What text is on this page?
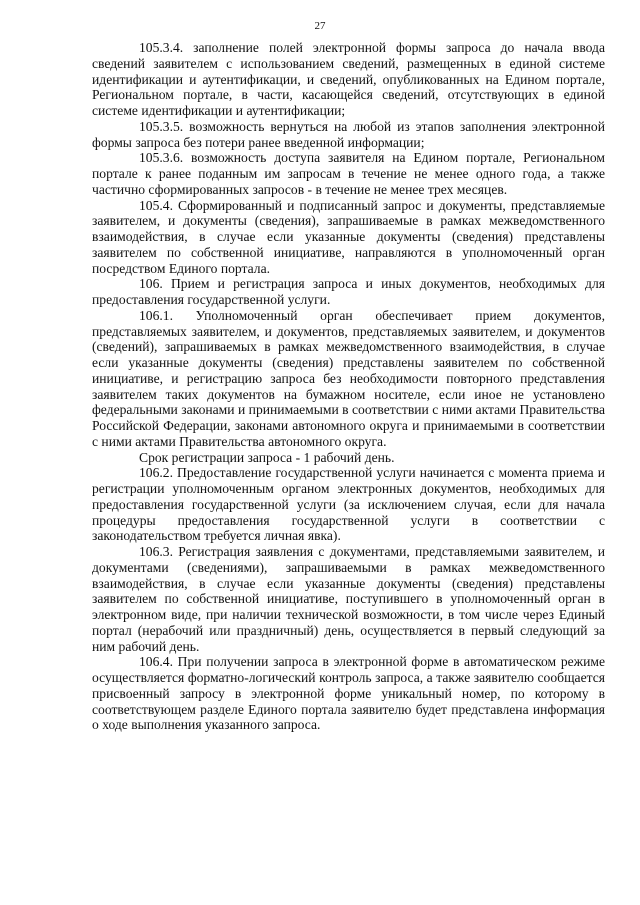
27

105.3.4. заполнение полей электронной формы запроса до начала ввода сведений заявителем с использованием сведений, размещенных в единой системе идентификации и аутентификации, и сведений, опубликованных на Едином портале, Региональном портале, в части, касающейся сведений, отсутствующих в единой системе идентификации и аутентификации;

105.3.5. возможность вернуться на любой из этапов заполнения электронной формы запроса без потери ранее введенной информации;

105.3.6. возможность доступа заявителя на Едином портале, Региональном портале к ранее поданным им запросам в течение не менее одного года, а также частично сформированных запросов - в течение не менее трех месяцев.

105.4. Сформированный и подписанный запрос и документы, представляемые заявителем, и документы (сведения), запрашиваемые в рамках межведомственного взаимодействия, в случае если указанные документы (сведения) представлены заявителем по собственной инициативе, направляются в уполномоченный орган посредством Единого портала.

106. Прием и регистрация запроса и иных документов, необходимых для предоставления государственной услуги.

106.1. Уполномоченный орган обеспечивает прием документов, представляемых заявителем, и документов, представляемых заявителем, и документов (сведений), запрашиваемых в рамках межведомственного взаимодействия, в случае если указанные документы (сведения) представлены заявителем по собственной инициативе, и регистрацию запроса без необходимости повторного представления заявителем таких документов на бумажном носителе, если иное не установлено федеральными законами и принимаемыми в соответствии с ними актами Правительства Российской Федерации, законами автономного округа и принимаемыми в соответствии с ними актами Правительства автономного округа.

Срок регистрации запроса - 1 рабочий день.

106.2. Предоставление государственной услуги начинается с момента приема и регистрации уполномоченным органом электронных документов, необходимых для предоставления государственной услуги (за исключением случая, если для начала процедуры предоставления государственной услуги в соответствии с законодательством требуется личная явка).

106.3. Регистрация заявления с документами, представляемыми заявителем, и документами (сведениями), запрашиваемыми в рамках межведомственного взаимодействия, в случае если указанные документы (сведения) представлены заявителем по собственной инициативе, поступившего в уполномоченный орган в электронном виде, при наличии технической возможности, в том числе через Единый портал (нерабочий или праздничный) день, осуществляется в первый следующий за ним рабочий день.

106.4. При получении запроса в электронной форме в автоматическом режиме осуществляется форматно-логический контроль запроса, а также заявителю сообщается присвоенный запросу в электронной форме уникальный номер, по которому в соответствующем разделе Единого портала заявителю будет представлена информация о ходе выполнения указанного запроса.
